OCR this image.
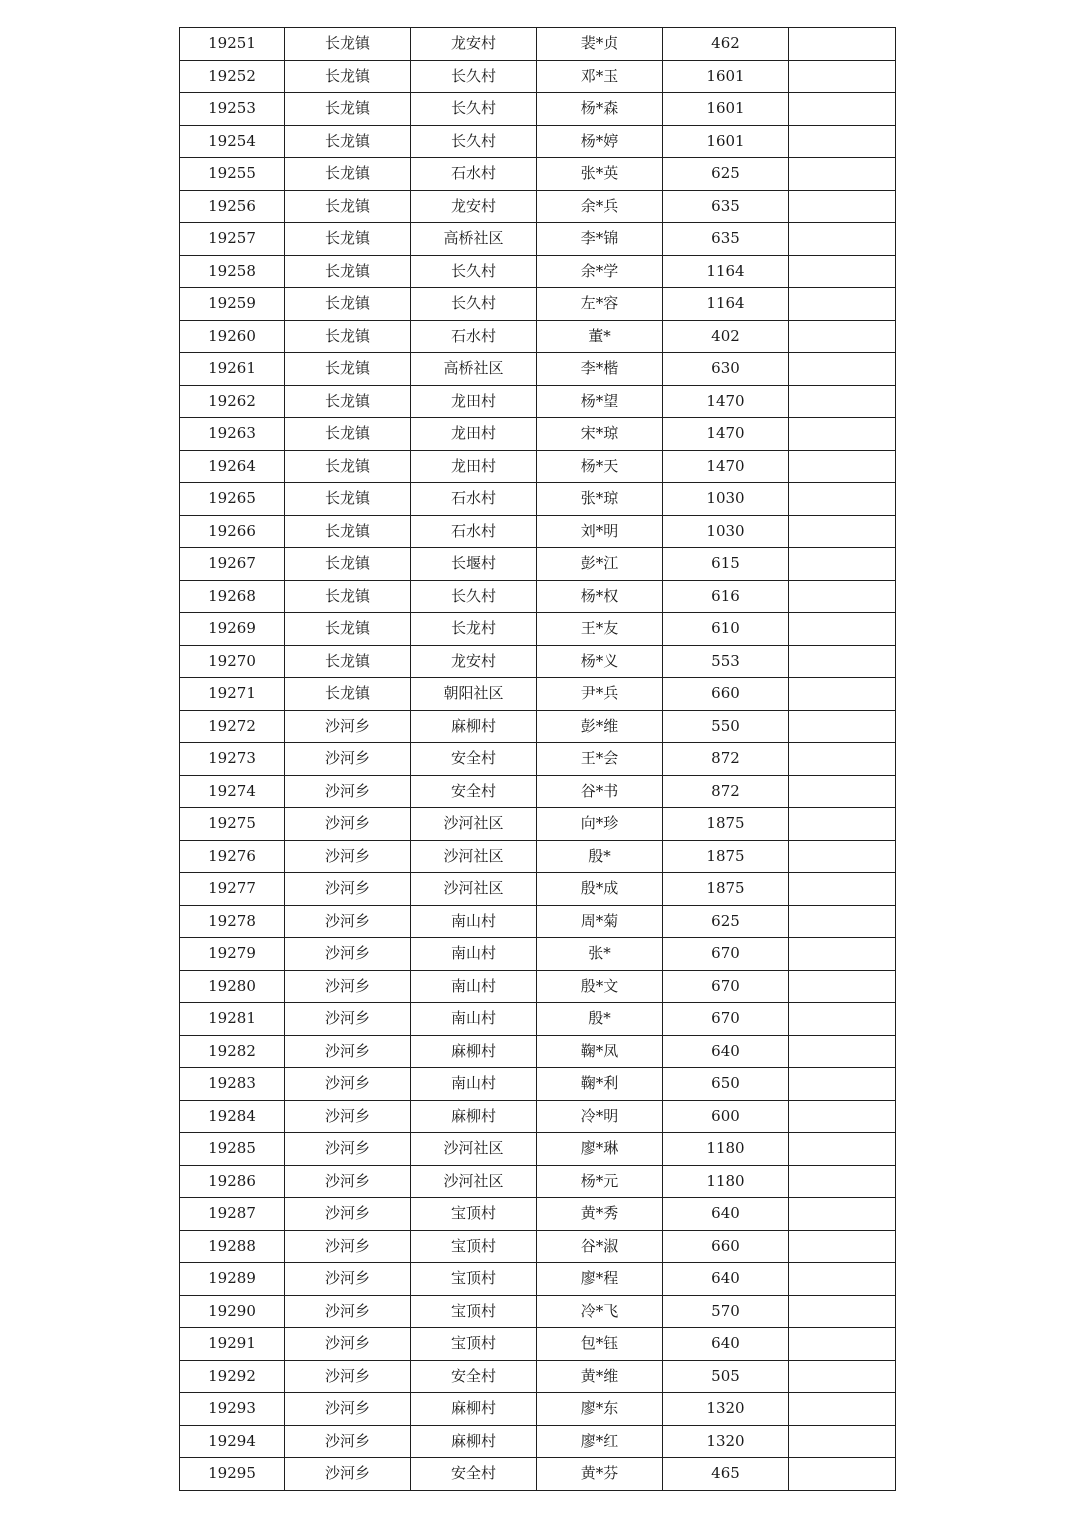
19251	长龙镇	龙安村	裴*贞	462	
19252	长龙镇	长久村	邓*玉	1601	
19253	长龙镇	长久村	杨*森	1601	
19254	长龙镇	长久村	杨*婷	1601	
19255	长龙镇	石水村	张*英	625	
19256	长龙镇	龙安村	余*兵	635	
19257	长龙镇	高桥社区	李*锦	635	
19258	长龙镇	长久村	余*学	1164	
19259	长龙镇	长久村	左*容	1164	
19260	长龙镇	石水村	董*	402	
19261	长龙镇	高桥社区	李*楷	630	
19262	长龙镇	龙田村	杨*望	1470	
19263	长龙镇	龙田村	宋*琼	1470	
19264	长龙镇	龙田村	杨*天	1470	
19265	长龙镇	石水村	张*琼	1030	
19266	长龙镇	石水村	刘*明	1030	
19267	长龙镇	长堰村	彭*江	615	
19268	长龙镇	长久村	杨*权	616	
19269	长龙镇	长龙村	王*友	610	
19270	长龙镇	龙安村	杨*义	553	
19271	长龙镇	朝阳社区	尹*兵	660	
19272	沙河乡	麻柳村	彭*维	550	
19273	沙河乡	安全村	王*会	872	
19274	沙河乡	安全村	谷*书	872	
19275	沙河乡	沙河社区	向*珍	1875	
19276	沙河乡	沙河社区	殷*	1875	
19277	沙河乡	沙河社区	殷*成	1875	
19278	沙河乡	南山村	周*菊	625	
19279	沙河乡	南山村	张*	670	
19280	沙河乡	南山村	殷*文	670	
19281	沙河乡	南山村	殷*	670	
19282	沙河乡	麻柳村	鞠*凤	640	
19283	沙河乡	南山村	鞠*利	650	
19284	沙河乡	麻柳村	冷*明	600	
19285	沙河乡	沙河社区	廖*琳	1180	
19286	沙河乡	沙河社区	杨*元	1180	
19287	沙河乡	宝顶村	黄*秀	640	
19288	沙河乡	宝顶村	谷*淑	660	
19289	沙河乡	宝顶村	廖*程	640	
19290	沙河乡	宝顶村	冷*飞	570	
19291	沙河乡	宝顶村	包*钰	640	
19292	沙河乡	安全村	黄*维	505	
19293	沙河乡	麻柳村	廖*东	1320	
19294	沙河乡	麻柳村	廖*红	1320	
19295	沙河乡	安全村	黄*芬	465	
